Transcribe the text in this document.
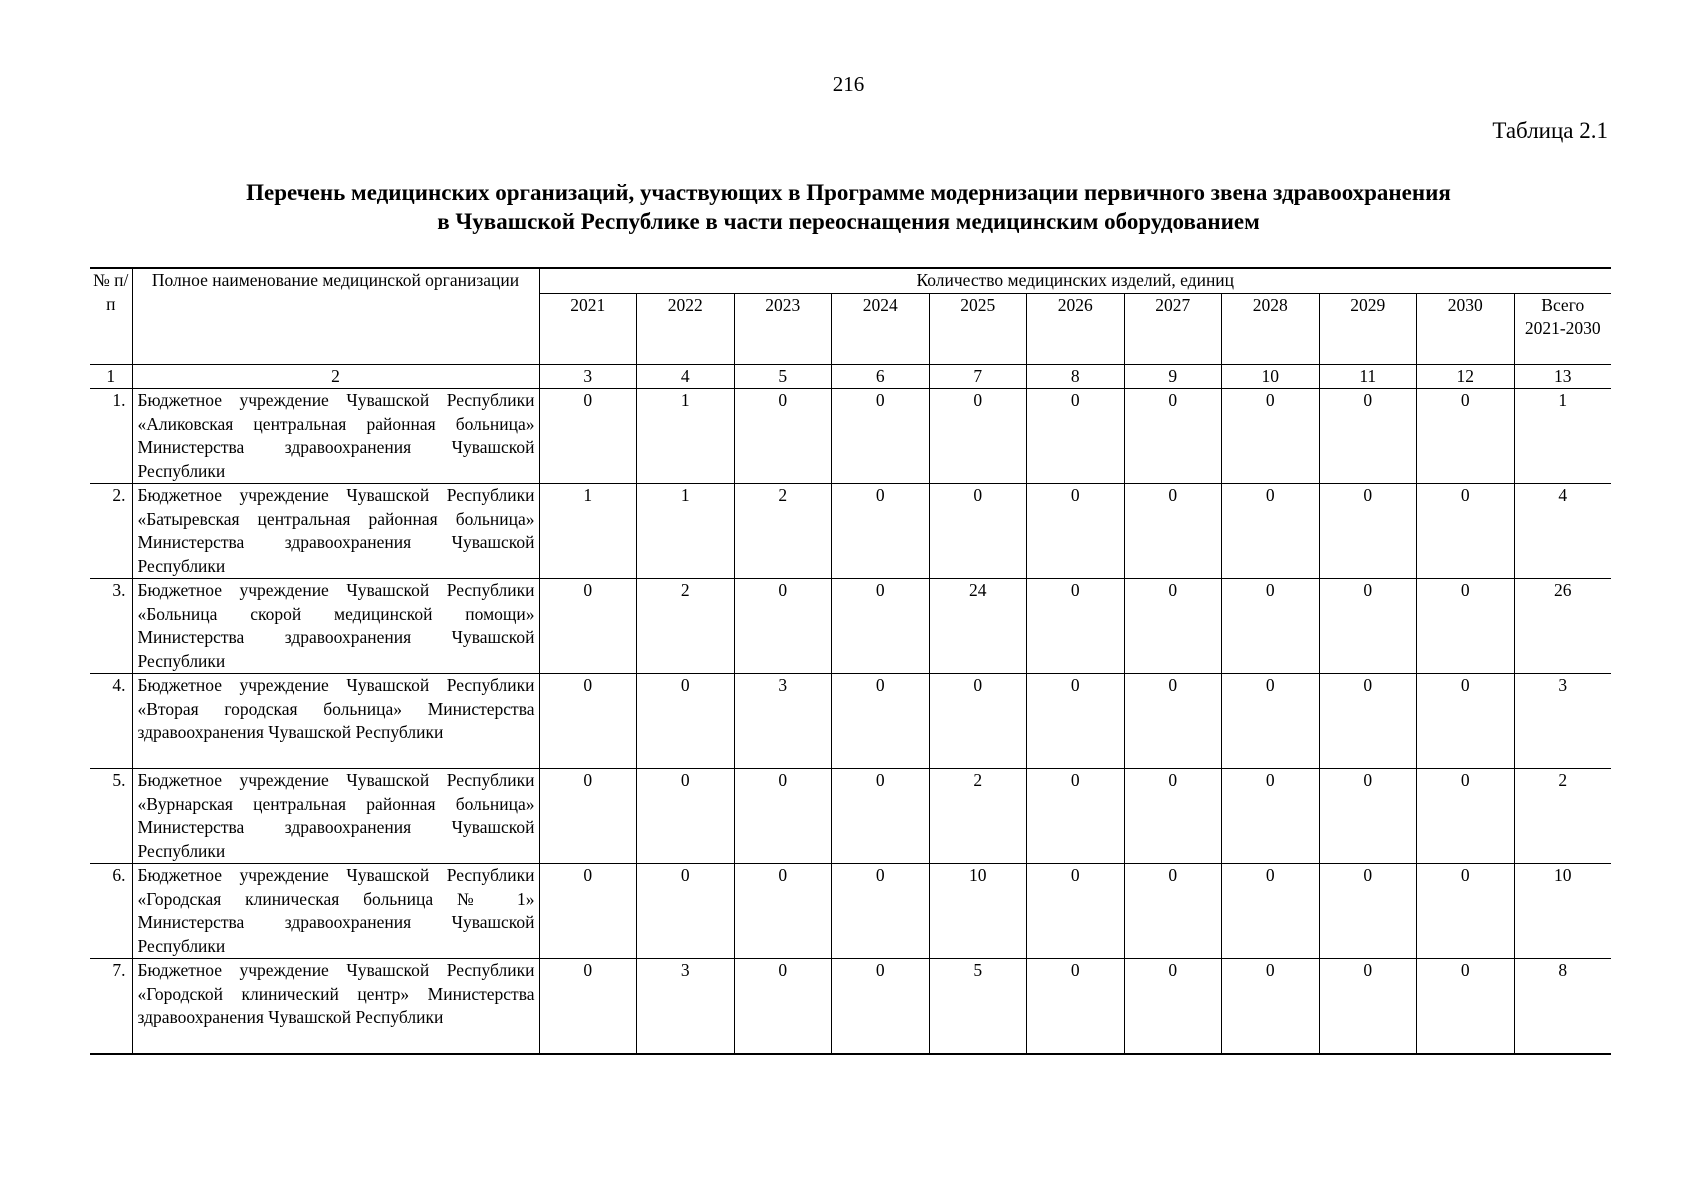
216
Таблица 2.1
Перечень медицинских организаций, участвующих в Программе модернизации первичного звена здравоохранения
в Чувашской Республике в части переоснащения медицинским оборудованием
№ п/п	Полное наименование медицинской организации	Количество медицинских изделий, единиц										
		2021	2022	2023	2024	2025	2026	2027	2028	2029	2030	Всего 2021-2030
1	2	3	4	5	6	7	8	9	10	11	12	13
1.	Бюджетное учреждение Чувашской Республики «Аликовская центральная районная больница» Министерства здравоохранения Чувашской Республики	0	1	0	0	0	0	0	0	0	0	1
2.	Бюджетное учреждение Чувашской Республики «Батыревская центральная районная больница» Министерства здравоохранения Чувашской Республики	1	1	2	0	0	0	0	0	0	0	4
3.	Бюджетное учреждение Чувашской Республики «Больница скорой медицинской помощи» Министерства здравоохранения Чувашской Республики	0	2	0	0	24	0	0	0	0	0	26
4.	Бюджетное учреждение Чувашской Республики «Вторая городская больница» Министерства здравоохранения Чувашской Республики	0	0	3	0	0	0	0	0	0	0	3
5.	Бюджетное учреждение Чувашской Республики «Вурнарская центральная районная больница» Министерства здравоохранения Чувашской Республики	0	0	0	0	2	0	0	0	0	0	2
6.	Бюджетное учреждение Чувашской Республики «Городская клиническая больница № 1» Министерства здравоохранения Чувашской Республики	0	0	0	0	10	0	0	0	0	0	10
7.	Бюджетное учреждение Чувашской Республики «Городской клинический центр» Министерства здравоохранения Чувашской Республики	0	3	0	0	5	0	0	0	0	0	8
